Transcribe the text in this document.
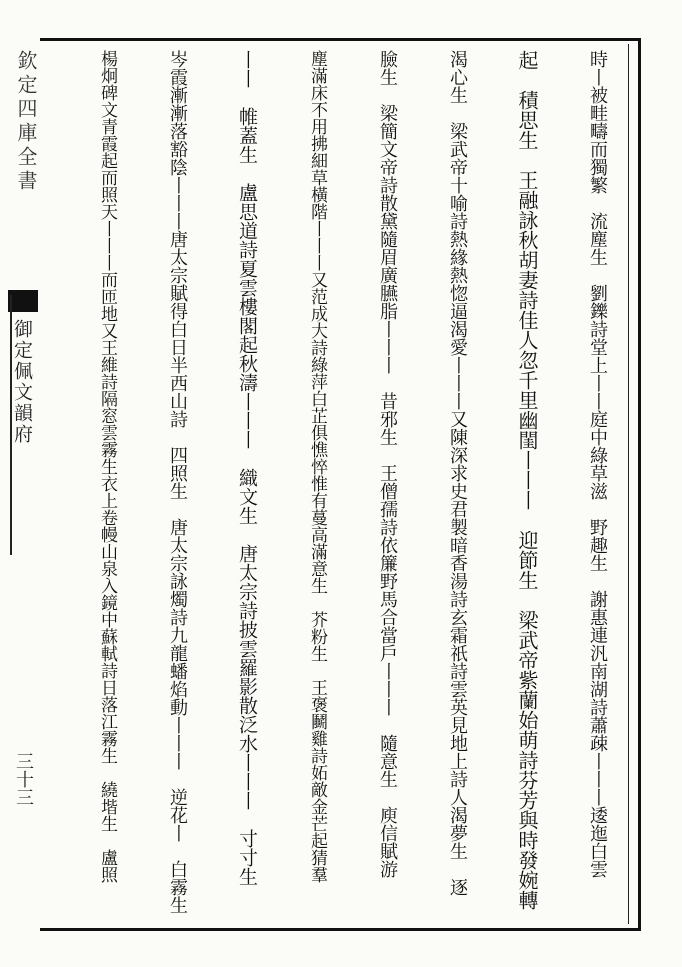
欽定四庫全書
御定佩文韻府
三十三	時丨被畦疇而獨繁　流塵生　劉鑠詩堂上丨丨庭中綠草滋　野趣生　謝惠連汎南湖詩蕭疎丨丨丨逶迤白雲
起　積思生　王融詠秋胡妻詩佳人忽千里幽閨丨丨丨　迎節生　梁武帝紫蘭始萌詩芬芳與時發婉轉
渴心生　梁武帝十喻詩熱緣熱惚逼渴愛丨丨丨又陳深求史君製暗香湯詩玄霜祇詩雲英見地上詩人渴夢生　逐
臉生　梁簡文帝詩散黛隨眉廣臙脂丨丨丨　昔邪生　王僧孺詩依簾野馬合當戶丨丨丨　隨意生　庾信賦游
塵滿床不用拂細草橫階丨丨丨又范成大詩綠萍白芷俱憔悴惟有蔓高滿意生　芥粉生　王褒鬭雞詩妬敵金芒起猜羣
丨丨　帷蓋生　盧思道詩夏雲樓閣起秋濤丨丨丨　織文生　唐太宗詩披雲羅影散泛水丨丨丨　寸寸生
岑霞漸漸落豁陰丨丨丨唐太宗賦得白日半西山詩　四照生　唐太宗詠燭詩九龍蟠焰動丨丨丨　逆花丨　白霧生
楊炯碑文青霞起而照天丨丨丨而匝地又王維詩隔窓雲霧生衣上卷幔山泉入鏡中蘇軾詩日落江霧生　繞堦生　盧照
